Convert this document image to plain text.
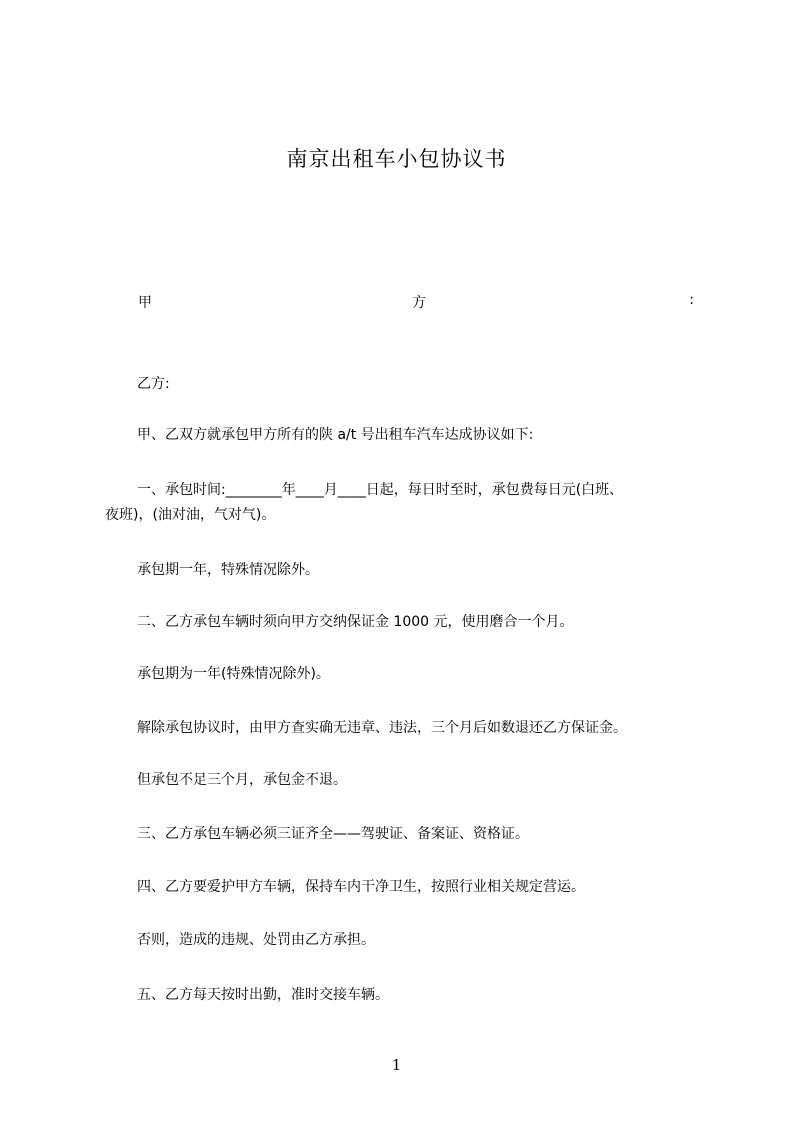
南京出租车小包协议书
甲	方	:
乙方:
甲、乙双方就承包甲方所有的陕 a/t 号出租车汽车达成协议如下:
一、承包时间:________年____月____日起，每日时至时，承包费每日元(白班、
夜班)，(油对油，气对气)。
承包期一年，特殊情况除外。
二、乙方承包车辆时须向甲方交纳保证金 1000 元，使用磨合一个月。
承包期为一年(特殊情况除外)。
解除承包协议时，由甲方查实确无违章、违法，三个月后如数退还乙方保证金。
但承包不足三个月，承包金不退。
三、乙方承包车辆必须三证齐全——驾驶证、备案证、资格证。
四、乙方要爱护甲方车辆，保持车内干净卫生，按照行业相关规定营运。
否则，造成的违规、处罚由乙方承担。
五、乙方每天按时出勤，准时交接车辆。
1
